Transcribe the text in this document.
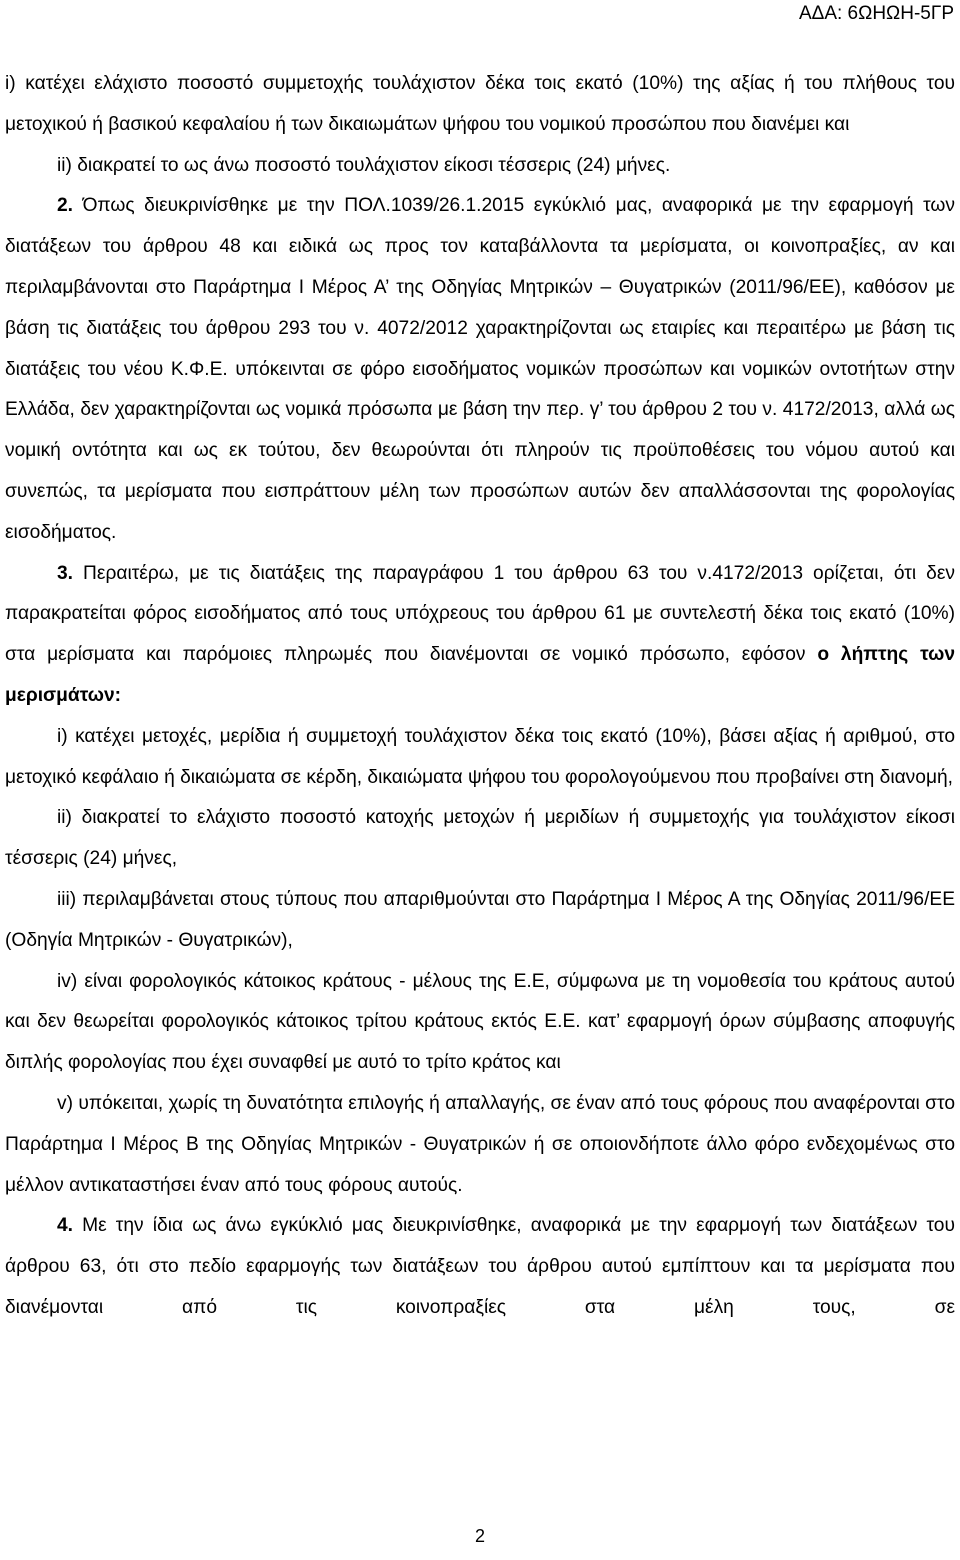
ΑΔΑ: 6ΩΗΩΗ-5ΓΡ

i) κατέχει ελάχιστο ποσοστό συμμετοχής τουλάχιστον δέκα τοις εκατό (10%) της αξίας ή του πλήθους του μετοχικού ή βασικού κεφαλαίου ή των δικαιωμάτων ψήφου του νομικού προσώπου που διανέμει και

ii) διακρατεί το ως άνω ποσοστό τουλάχιστον είκοσι τέσσερις (24) μήνες.

2. Όπως διευκρινίσθηκε με την ΠΟΛ.1039/26.1.2015 εγκύκλιό μας, αναφορικά με την εφαρμογή των διατάξεων του άρθρου 48 και ειδικά ως προς τον καταβάλλοντα τα μερίσματα, οι κοινοπραξίες, αν και περιλαμβάνονται στο Παράρτημα Ι Μέρος Α’ της Οδηγίας Μητρικών – Θυγατρικών (2011/96/ΕΕ), καθόσον με βάση τις διατάξεις του άρθρου 293 του ν. 4072/2012 χαρακτηρίζονται ως εταιρίες και περαιτέρω με βάση τις διατάξεις του νέου Κ.Φ.Ε. υπόκεινται σε φόρο εισοδήματος νομικών προσώπων και νομικών οντοτήτων στην Ελλάδα, δεν χαρακτηρίζονται ως νομικά πρόσωπα με βάση την περ. γ’ του άρθρου 2 του ν. 4172/2013, αλλά ως νομική οντότητα και ως εκ τούτου, δεν θεωρούνται ότι πληρούν τις προϋποθέσεις του νόμου αυτού και συνεπώς, τα μερίσματα που εισπράττουν μέλη των προσώπων αυτών δεν απαλλάσσονται της φορολογίας εισοδήματος.

3. Περαιτέρω, με τις διατάξεις της παραγράφου 1 του άρθρου 63 του ν.4172/2013 ορίζεται, ότι δεν παρακρατείται φόρος εισοδήματος από τους υπόχρεους του άρθρου 61 με συντελεστή δέκα τοις εκατό (10%) στα μερίσματα και παρόμοιες πληρωμές που διανέμονται σε νομικό πρόσωπο, εφόσον ο λήπτης των μερισμάτων:

i) κατέχει μετοχές, μερίδια ή συμμετοχή τουλάχιστον δέκα τοις εκατό (10%), βάσει αξίας ή αριθμού, στο μετοχικό κεφάλαιο ή δικαιώματα σε κέρδη, δικαιώματα ψήφου του φορολογούμενου που προβαίνει στη διανομή,

ii) διακρατεί το ελάχιστο ποσοστό κατοχής μετοχών ή μεριδίων ή συμμετοχής για τουλάχιστον είκοσι τέσσερις (24) μήνες,

iii) περιλαμβάνεται στους τύπους που απαριθμούνται στο Παράρτημα Ι Μέρος Α της Οδηγίας 2011/96/ΕΕ (Οδηγία Μητρικών - Θυγατρικών),

iv) είναι φορολογικός κάτοικος κράτους - μέλους της Ε.Ε, σύμφωνα με τη νομοθεσία του κράτους αυτού και δεν θεωρείται φορολογικός κάτοικος τρίτου κράτους εκτός Ε.Ε. κατ’ εφαρμογή όρων σύμβασης αποφυγής διπλής φορολογίας που έχει συναφθεί με αυτό το τρίτο κράτος και

v) υπόκειται, χωρίς τη δυνατότητα επιλογής ή απαλλαγής, σε έναν από τους φόρους που αναφέρονται στο Παράρτημα Ι Μέρος Β της Οδηγίας Μητρικών - Θυγατρικών ή σε οποιονδήποτε άλλο φόρο ενδεχομένως στο μέλλον αντικαταστήσει έναν από τους φόρους αυτούς.

4. Με την ίδια ως άνω εγκύκλιό μας διευκρινίσθηκε, αναφορικά με την εφαρμογή των διατάξεων του άρθρου 63, ότι στο πεδίο εφαρμογής των διατάξεων του άρθρου αυτού εμπίπτουν και τα μερίσματα που διανέμονται από τις κοινοπραξίες στα μέλη τους, σε

2
